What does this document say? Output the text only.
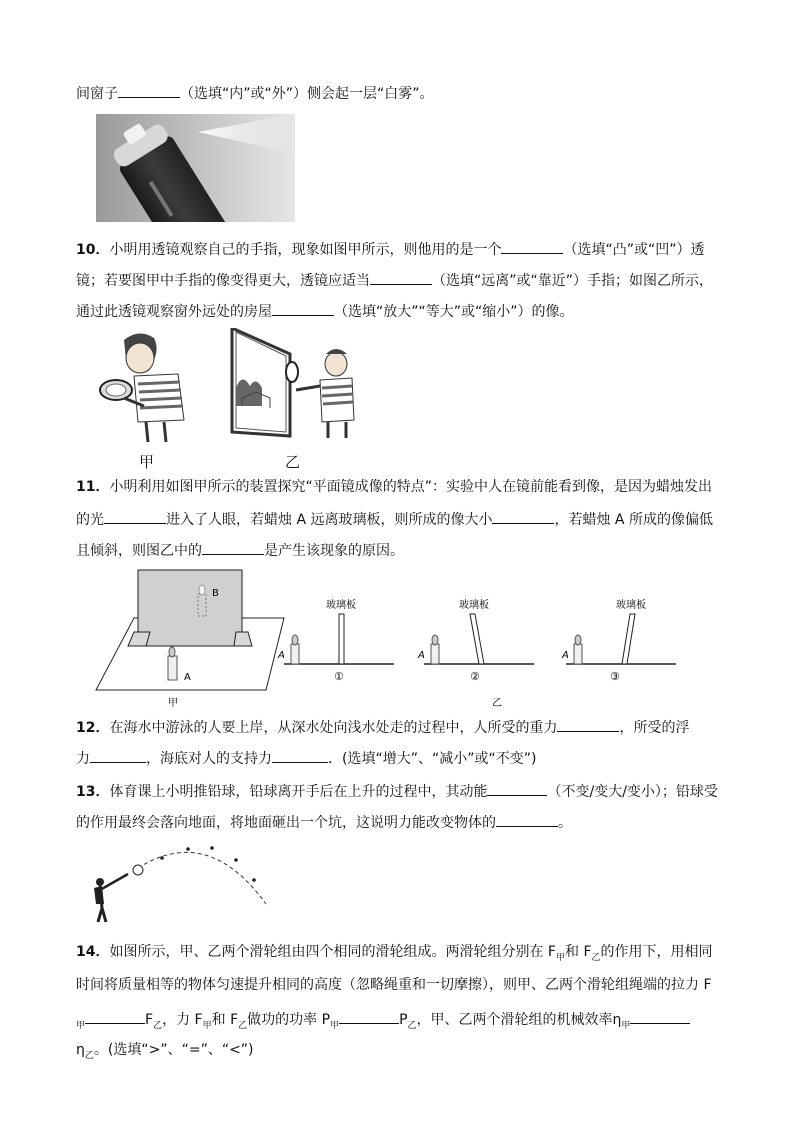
间窗子	（选填“内”或“外”）侧会起一层“白雾”。
10．小明用透镜观察自己的手指，现象如图甲所示，则他用的是一个	（选填“凸”或“凹”）透
镜；若要图甲中手指的像变得更大，透镜应适当	（选填“远离”或“靠近”）手指；如图乙所示，
通过此透镜观察窗外远处的房屋	（选填“放大”“等大”或“缩小”）的像。
甲	乙
11．小明利用如图甲所示的装置探究“平面镜成像的特点”：实验中人在镜前能看到像，是因为蜡烛发出
的光	进入了人眼，若蜡烛 A 远离玻璃板，则所成的像大小	，若蜡烛 A 所成的像偏低
且倾斜，则图乙中的	是产生该现象的原因。
B
A
甲
玻璃板
A
①
玻璃板
A
②
乙
玻璃板
A
③
12．在海水中游泳的人要上岸，从深水处向浅水处走的过程中，人所受的重力	，所受的浮
力	，海底对人的支持力	．(选填“增大”、“减小”或“不变”)
13．体育课上小明推铅球，铅球离开手后在上升的过程中，其动能	（不变/变大/变小）；铅球受
的作用最终会落向地面，将地面砸出一个坑，这说明力能改变物体的	。
14．如图所示，甲、乙两个滑轮组由四个相同的滑轮组成。两滑轮组分别在 $F_甲$和 $F_乙$的作用下，用相同
时间将质量相等的物体匀速提升相同的高度（忽略绳重和一切摩擦），则甲、乙两个滑轮组绳端的拉力 F
$_甲$	$F_乙$，力 $F_甲$和 $F_乙$做功的功率 $P_甲$	$P_乙$，甲、乙两个滑轮组的机械效率$\eta_甲$
$\eta_乙$。(选填“>”、“=”、“<”)
